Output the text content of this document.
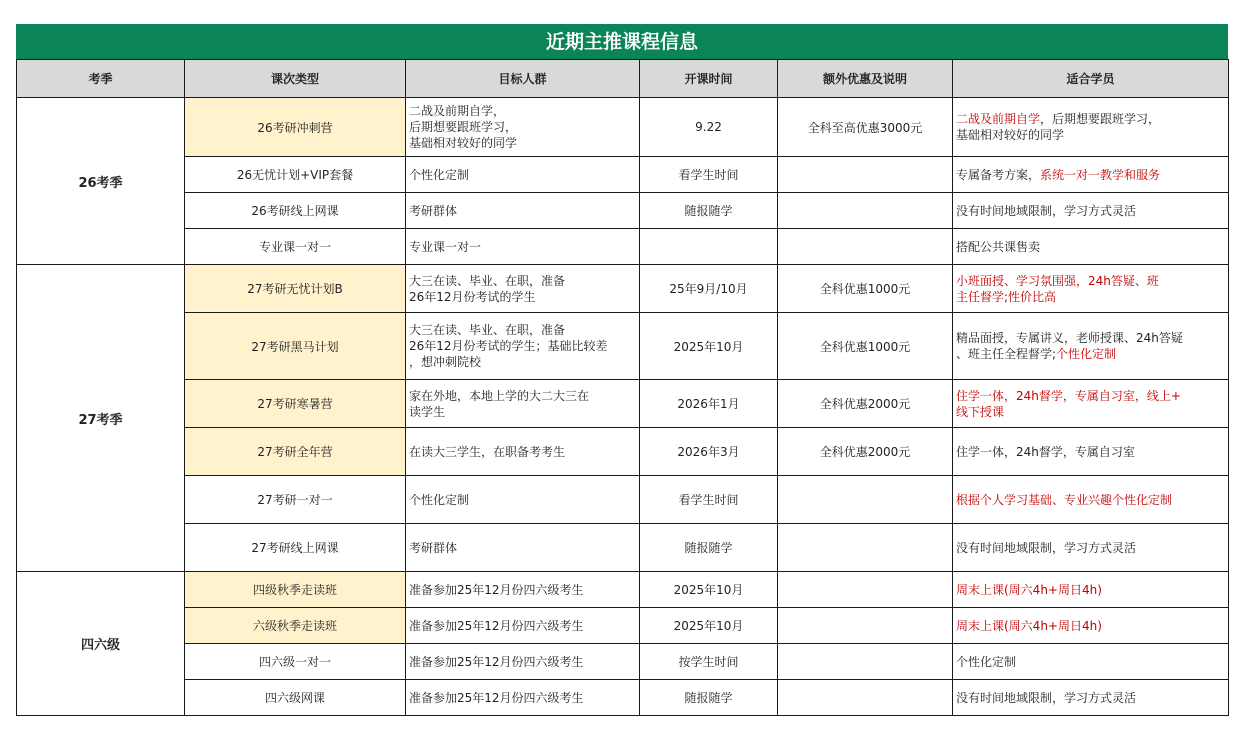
近期主推课程信息
考季	课次类型	目标人群	开课时间	额外优惠及说明	适合学员
26考季	26考研冲刺营	二战及前期自学，
后期想要跟班学习，
基础相对较好的同学	9.22	全科至高优惠3000元	二战及前期自学，后期想要跟班学习，
基础相对较好的同学
	26无忧计划+VIP套餐	个性化定制	看学生时间		专属备考方案，系统一对一教学和服务
	26考研线上网课	考研群体	随报随学		没有时间地域限制，学习方式灵活
	专业课一对一	专业课一对一			搭配公共课售卖
27考季	27考研无忧计划B	大三在读、毕业、在职，准备
26年12月份考试的学生	25年9月/10月	全科优惠1000元	小班面授、学习氛围强，24h答疑、班
主任督学;性价比高
	27考研黑马计划	大三在读、毕业、在职，准备
26年12月份考试的学生；基础比较差
，想冲刺院校	2025年10月	全科优惠1000元	精品面授，专属讲义，老师授课、24h答疑
、班主任全程督学;个性化定制
	27考研寒暑营	家在外地，本地上学的大二大三在
读学生	2026年1月	全科优惠2000元	住学一体，24h督学，专属自习室，线上+
线下授课
	27考研全年营	在读大三学生，在职备考考生	2026年3月	全科优惠2000元	住学一体，24h督学，专属自习室
	27考研一对一	个性化定制	看学生时间		根据个人学习基础、专业兴趣个性化定制
	27考研线上网课	考研群体	随报随学		没有时间地域限制，学习方式灵活
四六级	四级秋季走读班	准备参加25年12月份四六级考生	2025年10月		周末上课(周六4h+周日4h)
	六级秋季走读班	准备参加25年12月份四六级考生	2025年10月		周末上课(周六4h+周日4h)
	四六级一对一	准备参加25年12月份四六级考生	按学生时间		个性化定制
	四六级网课	准备参加25年12月份四六级考生	随报随学		没有时间地域限制，学习方式灵活
